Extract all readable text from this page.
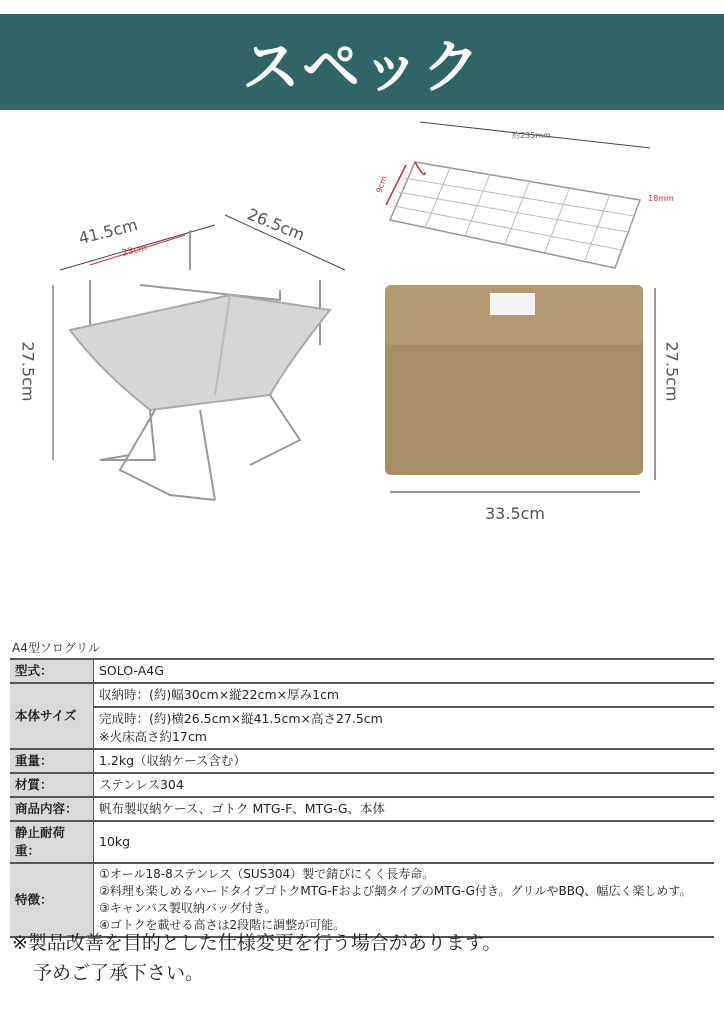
スペック
41.5cm	26.5cm
27.5cm
23cm
約235mm
9cm
18mm
27.5cm
33.5cm
A4型ソログリル
型式：	SOLO-A4G
本体サイズ	収納時：(約)幅30cm×縦22cm×厚み1cm
	完成時：(約)横26.5cm×縦41.5cm×高さ27.5cm
※火床高さ約17cm
重量：	1.2kg（収納ケース含む）
材質：	ステンレス304
商品内容：	帆布製収納ケース、ゴトク MTG-F、MTG-G、本体
静止耐荷重：	10kg
特徴：	①オール18-8ステンレス（SUS304）製で錆びにくく長寿命。
②料理も楽しめるハードタイプゴトクMTG-Fおよび網タイプのMTG-G付き。グリルやBBQ、幅広く楽しめす。
③キャンバス製収納バッグ付き。
④ゴトクを載せる高さは2段階に調整が可能。
※製品改善を目的とした仕様変更を行う場合があります。
予めご了承下さい。
